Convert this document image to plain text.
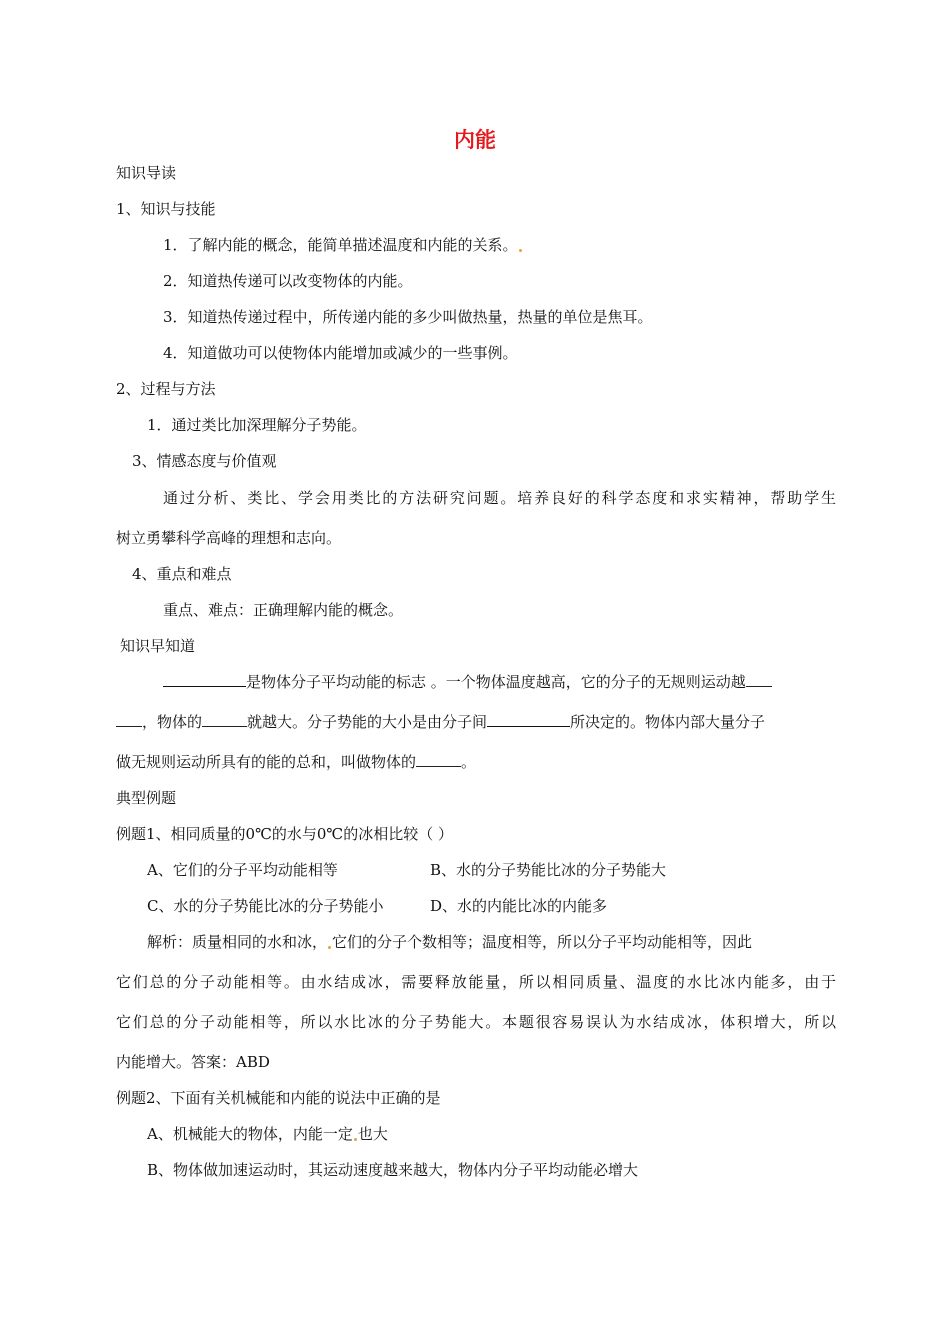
内能
知识导读
1、知识与技能
1．了解内能的概念，能简单描述温度和内能的关系。
2．知道热传递可以改变物体的内能。
3．知道热传递过程中，所传递内能的多少叫做热量，热量的单位是焦耳。
4．知道做功可以使物体内能增加或减少的一些事例。
2、过程与方法
1．通过类比加深理解分子势能。
3、情感态度与价值观
通过分析、类比、学会用类比的方法研究问题。培养良好的科学态度和求实精神，帮助学生
树立勇攀科学高峰的理想和志向。
4、重点和难点
重点、难点：正确理解内能的概念。
知识早知道
是物体分子平均动能的标志 。一个物体温度越高，它的分子的无规则运动越
，物体的	就越大。分子势能的大小是由分子间	所决定的。物体内部大量分子
做无规则运动所具有的能的总和，叫做物体的	。
典型例题
例题1、相同质量的0℃的水与0℃的冰相比较（ ）
A、它们的分子平均动能相等	B、水的分子势能比冰的分子势能大
C、水的分子势能比冰的分子势能小	D、水的内能比冰的内能多
解析：质量相同的水和冰， 它们的分子个数相等；温度相等，所以分子平均动能相等，因此
它们总的分子动能相等。由水结成冰，需要释放能量，所以相同质量、温度的水比冰内能多，由于
它们总的分子动能相等，所以水比冰的分子势能大。本题很容易误认为水结成冰，体积增大，所以
内能增大。答案：ABD
例题2、下面有关机械能和内能的说法中正确的是
A、机械能大的物体，内能一定 也大
B、物体做加速运动时，其运动速度越来越大，物体内分子平均动能必增大
